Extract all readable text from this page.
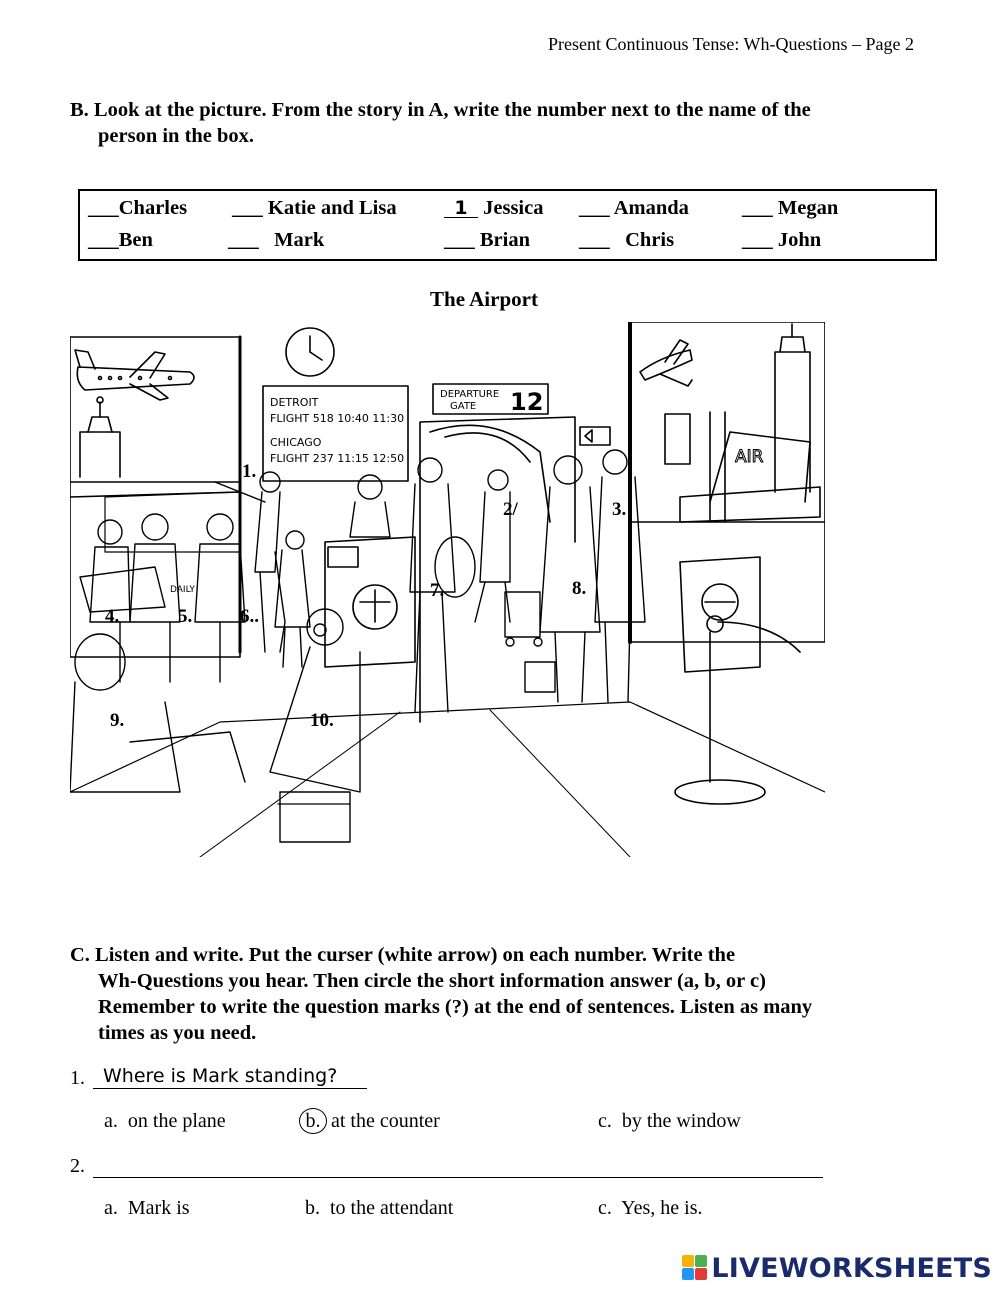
Present Continuous Tense: Wh-Questions – Page 2
B. Look at the picture. From the story in A, write the number next to the name of the
person in the box.
___Charles ___ Katie and Lisa	1 Jessica ___ Amanda	___ Megan
___Ben	___ Mark	___ Brian ___ Chris	___ John
The Airport
DETROIT
FLIGHT 518 10:40 11:30
CHICAGO
FLIGHT 237 11:15 12:50
DEPARTURE
GATE 12
AIR
DAILY
1.
2/	3.
4.	5.	6..
7.	8.
9.	10.
C. Listen and write. Put the curser (white arrow) on each number. Write the
Wh-Questions you hear. Then circle the short information answer (a, b, or c)
Remember to write the question marks (?) at the end of sentences. Listen as many
times as you need.
1. Where is Mark standing?
a. on the plane	b. at the counter	c. by the window
2.
a. Mark is	b. to the attendant	c. Yes, he is.
LIVEWORKSHEETS
